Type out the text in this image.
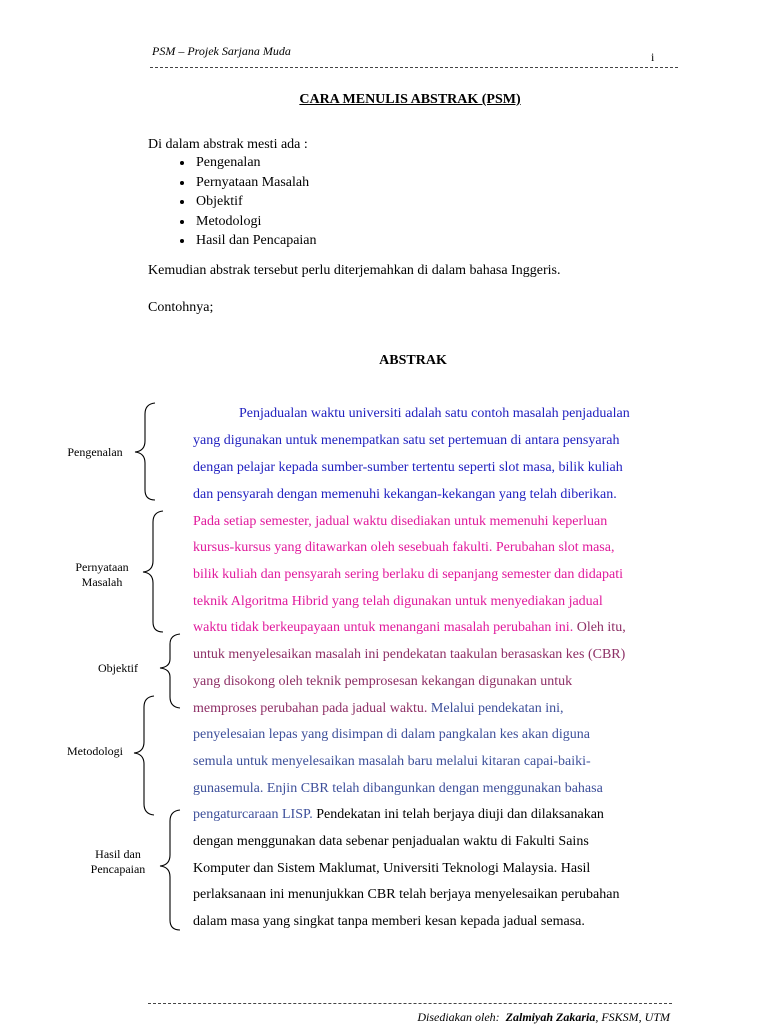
PSM – Projek Sarjana Muda	i
CARA MENULIS ABSTRAK (PSM)
Di dalam abstrak mesti ada :
• Pengenalan
• Pernyataan Masalah
• Objektif
• Metodologi
• Hasil dan Pencapaian
Kemudian abstrak tersebut perlu diterjemahkan di dalam bahasa Inggeris.
Contohnya;
ABSTRAK
Penjadualan waktu universiti adalah satu contoh masalah penjadualan
yang digunakan untuk menempatkan satu set pertemuan di antara pensyarah
dengan pelajar kepada sumber-sumber tertentu seperti slot masa, bilik kuliah
dan pensyarah dengan memenuhi kekangan-kekangan yang telah diberikan.
Pada setiap semester, jadual waktu disediakan untuk memenuhi keperluan
kursus-kursus yang ditawarkan oleh sesebuah fakulti. Perubahan slot masa,
bilik kuliah dan pensyarah sering berlaku di sepanjang semester dan didapati
teknik Algoritma Hibrid yang telah digunakan untuk menyediakan jadual
waktu tidak berkeupayaan untuk menangani masalah perubahan ini. Oleh itu,
untuk menyelesaikan masalah ini pendekatan taakulan berasaskan kes (CBR)
yang disokong oleh teknik pemprosesan kekangan digunakan untuk
memproses perubahan pada jadual waktu. Melalui pendekatan ini,
penyelesaian lepas yang disimpan di dalam pangkalan kes akan diguna
semula untuk menyelesaikan masalah baru melalui kitaran capai-baiki-
gunasemula. Enjin CBR telah dibangunkan dengan menggunakan bahasa
pengaturcaraan LISP. Pendekatan ini telah berjaya diuji dan dilaksanakan
dengan menggunakan data sebenar penjadualan waktu di Fakulti Sains
Komputer dan Sistem Maklumat, Universiti Teknologi Malaysia. Hasil
perlaksanaan ini menunjukkan CBR telah berjaya menyelesaikan perubahan
dalam masa yang singkat tanpa memberi kesan kepada jadual semasa.
Pengenalan
Pernyataan
Masalah
Objektif
Metodologi
Hasil dan
Pencapaian
Disediakan oleh: Zalmiyah Zakaria, FSKSM, UTM
